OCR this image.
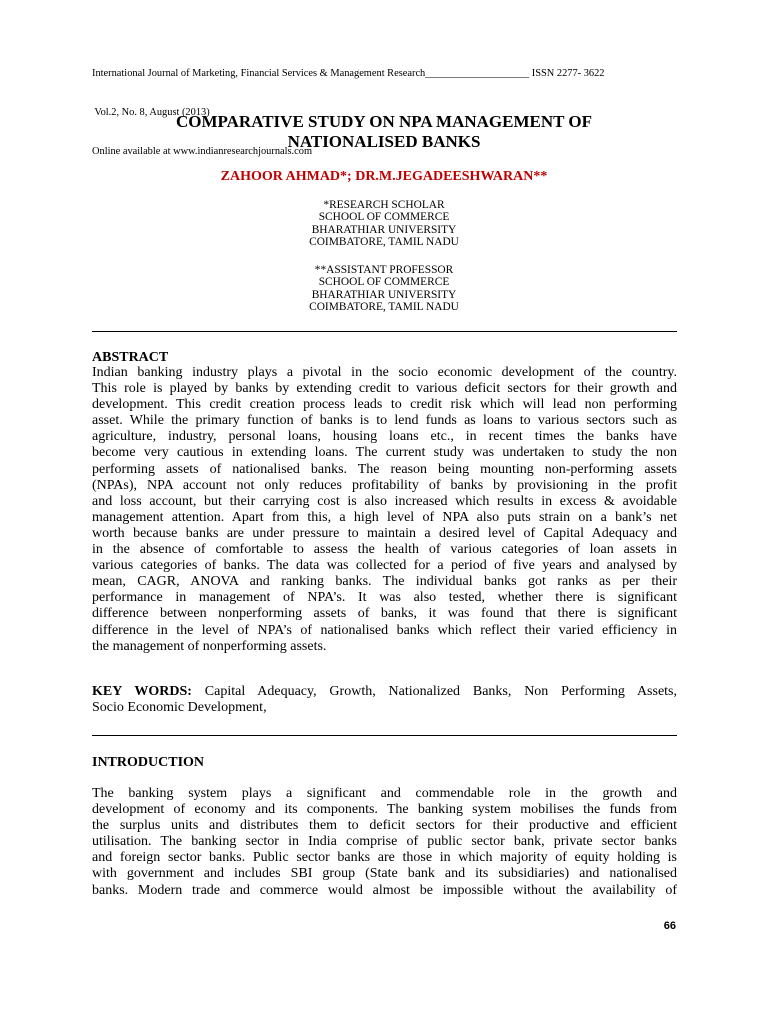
International Journal of Marketing, Financial Services & Management Research____________________ ISSN 2277- 3622

Vol.2, No. 8, August (2013)

Online available at www.indianresearchjournals.com

COMPARATIVE STUDY ON NPA MANAGEMENT OF
NATIONALISED BANKS
ZAHOOR AHMAD*; DR.M.JEGADEESHWARAN**
*RESEARCH SCHOLAR
SCHOOL OF COMMERCE
BHARATHIAR UNIVERSITY
COIMBATORE, TAMIL NADU
**ASSISTANT PROFESSOR
SCHOOL OF COMMERCE
BHARATHIAR UNIVERSITY
COIMBATORE, TAMIL NADU
ABSTRACT
Indian banking industry plays a pivotal in the socio economic development of the country.
This role is played by banks by extending credit to various deficit sectors for their growth and
development. This credit creation process leads to credit risk which will lead non performing
asset. While the primary function of banks is to lend funds as loans to various sectors such as
agriculture, industry, personal loans, housing loans etc., in recent times the banks have
become very cautious in extending loans. The current study was undertaken to study the non
performing assets of nationalised banks. The reason being mounting non-performing assets
(NPAs), NPA account not only reduces profitability of banks by provisioning in the profit
and loss account, but their carrying cost is also increased which results in excess & avoidable
management attention. Apart from this, a high level of NPA also puts strain on a bank’s net
worth because banks are under pressure to maintain a desired level of Capital Adequacy and
in the absence of comfortable to assess the health of various categories of loan assets in
various categories of banks. The data was collected for a period of five years and analysed by
mean, CAGR, ANOVA and ranking banks. The individual banks got ranks as per their
performance in management of NPA’s. It was also tested, whether there is significant
difference between nonperforming assets of banks, it was found that there is significant
difference in the level of NPA’s of nationalised banks which reflect their varied efficiency in
the management of nonperforming assets.
KEY WORDS: Capital Adequacy, Growth, Nationalized Banks, Non Performing Assets,
Socio Economic Development,
INTRODUCTION
The banking system plays a significant and commendable role in the growth and
development of economy and its components. The banking system mobilises the funds from
the surplus units and distributes them to deficit sectors for their productive and efficient
utilisation. The banking sector in India comprise of public sector bank, private sector banks
and foreign sector banks. Public sector banks are those in which majority of equity holding is
with government and includes SBI group (State bank and its subsidiaries) and nationalised
banks. Modern trade and commerce would almost be impossible without the availability of
66
